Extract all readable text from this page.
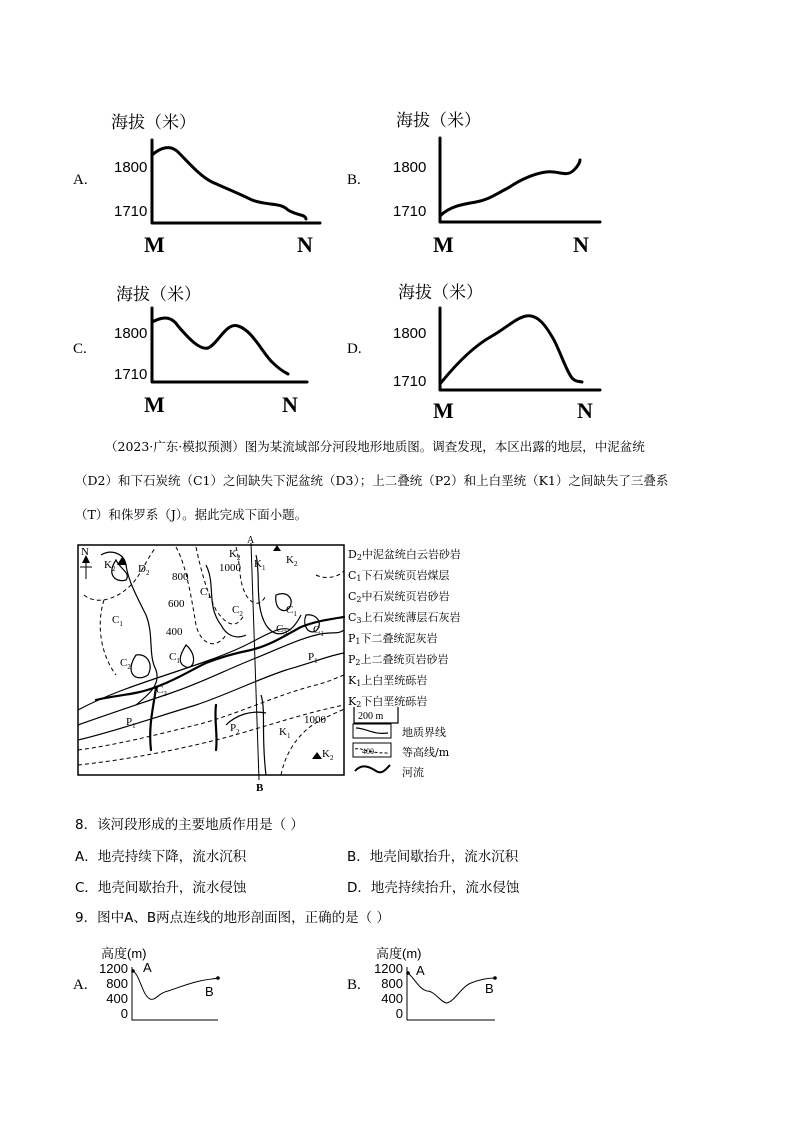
A.
海拔（米）
1800
1710
M	N
B.
海拔（米）
1800
1710
M	N
C.
海拔（米）
1800
1710
M	N
D.
海拔（米）
1800
1710
M	N
（2023·广东·模拟预测）图为某流域部分河段地形地质图。调查发现，本区出露的地层，中泥盆统
（D2）和下石炭统（C1）之间缺失下泥盆统（D3）；上二叠统（P2）和上白垩统（K1）之间缺失了三叠系
（T）和侏罗系（J）。据此完成下面小题。
N
A
B
800
600
400
1000
1000
$K_2$ $D_2$
$K_2$	$K_2$
$K_1$
$C_1$
$C_1$
$C_2$	$C_1$
$C_3$ $C_1$
$C_2$
$C_1$
$C_3$
$P_1$
$P_1$	$P_2$	$K_1$
$K_2$
$D_2$中泥盆统白云岩砂岩
$C_1$下石炭统页岩煤层
$C_2$中石炭统页岩砂岩
$C_3$上石炭统薄层石灰岩
$P_1$下二叠统泥灰岩
$P_2$上二叠统页岩砂岩
$K_1$上白垩统砾岩
$K_2$下白垩统砾岩
200 m
400
地质界线
等高线/m
河流
8．该河段形成的主要地质作用是（ ）
A．地壳持续下降，流水沉积	B．地壳间歇抬升，流水沉积
C．地壳间歇抬升，流水侵蚀	D．地壳持续抬升，流水侵蚀
9．图中A、B两点连线的地形剖面图，正确的是（ ）
A.
高度(m)
1200
800
400
0
A
B	B.
高度(m)
1200
800
400
0
A
B
